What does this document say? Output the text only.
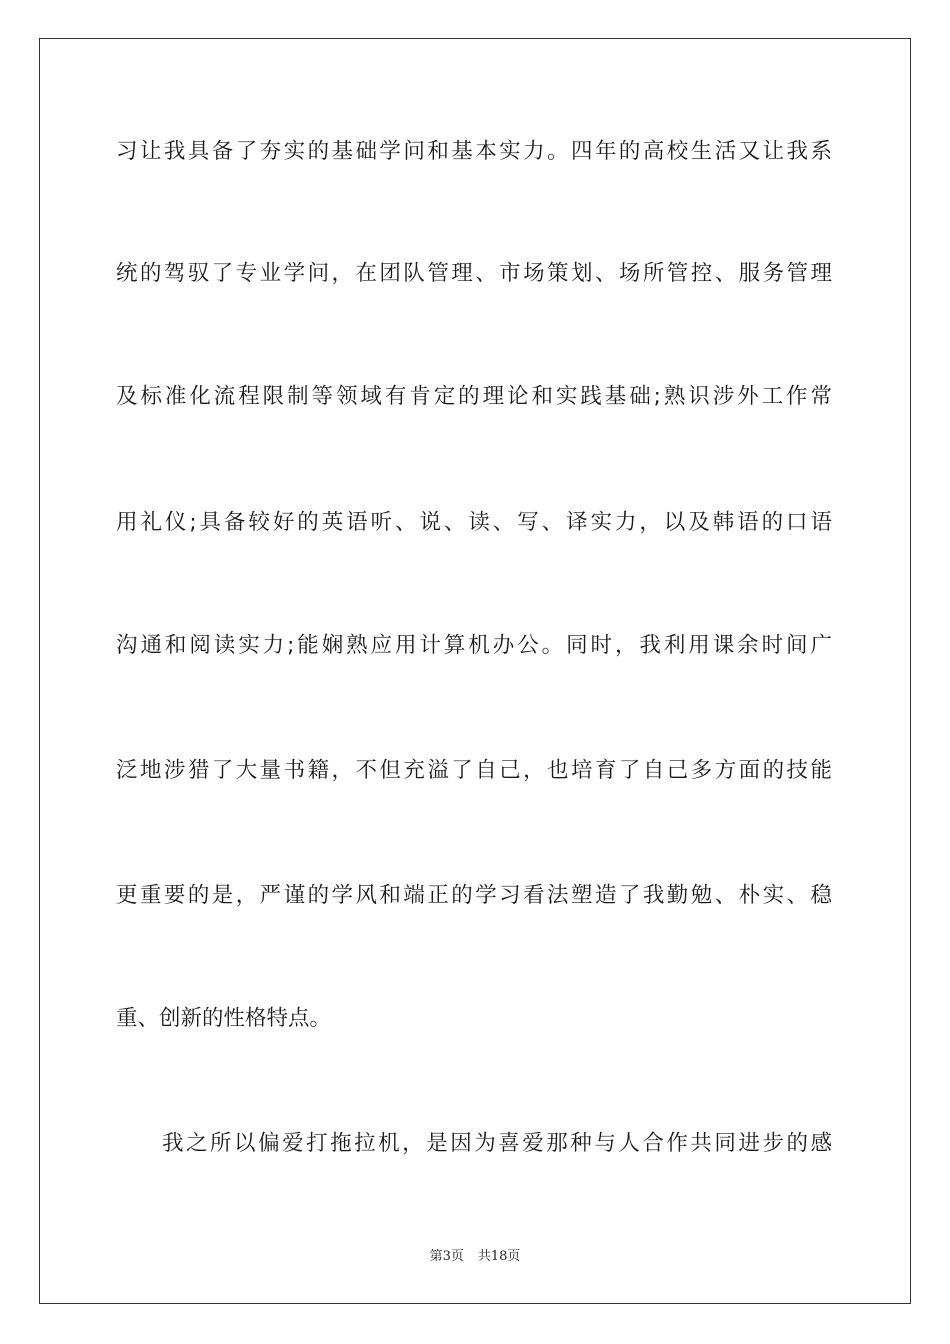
习让我具备了夯实的基础学问和基本实力。四年的高校生活又让我系
统的驾驭了专业学问，在团队管理、市场策划、场所管控、服务管理
及标准化流程限制等领域有肯定的理论和实践基础;熟识涉外工作常
用礼仪;具备较好的英语听、说、读、写、译实力，以及韩语的口语
沟通和阅读实力;能娴熟应用计算机办公。同时，我利用课余时间广
泛地涉猎了大量书籍，不但充溢了自己，也培育了自己多方面的技能
更重要的是，严谨的学风和端正的学习看法塑造了我勤勉、朴实、稳
重、创新的性格特点。
我之所以偏爱打拖拉机，是因为喜爱那种与人合作共同进步的感
第3页 共18页
